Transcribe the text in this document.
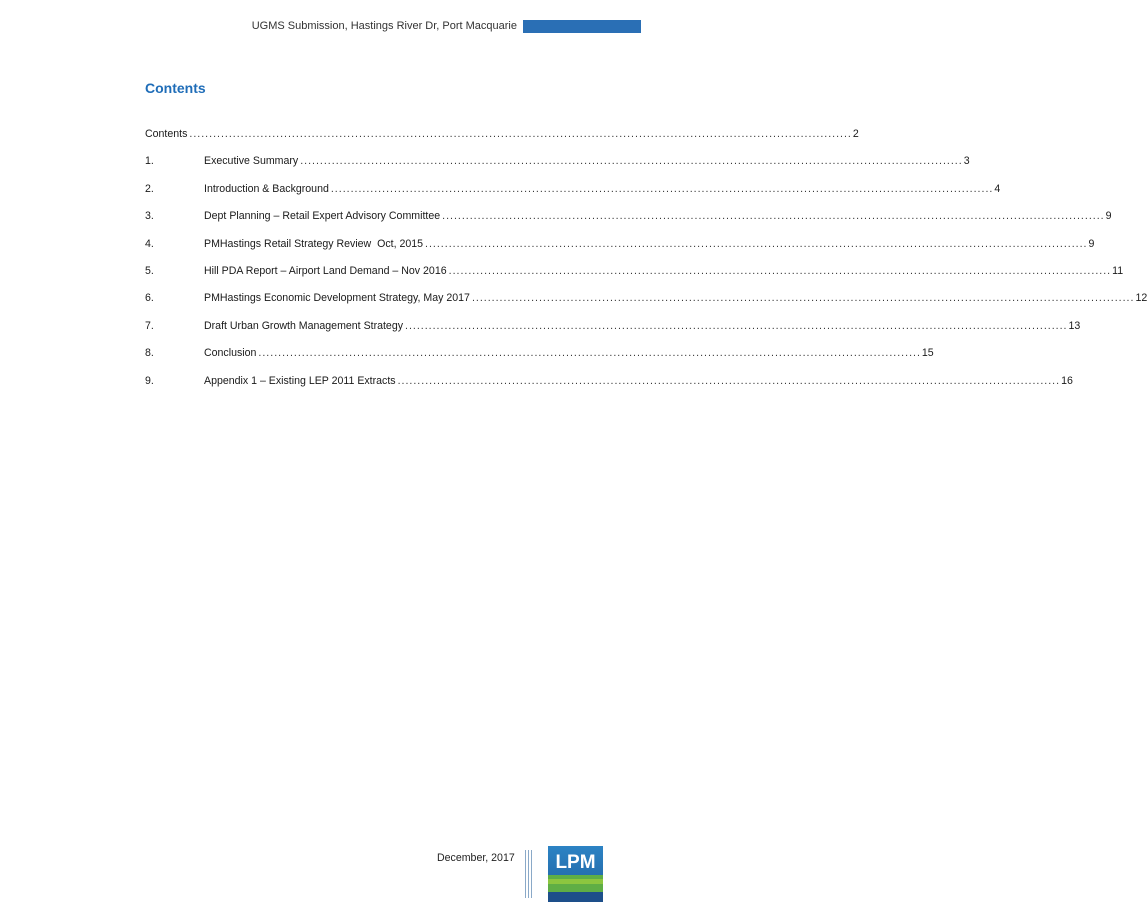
UGMS Submission, Hastings River Dr, Port Macquarie	2
Contents
Contents ........................................................................................................................................................................ 2
1.	Executive Summary ........................................................................................................................................................................ 3
2.	Introduction & Background ........................................................................................................................................................................ 4
3.	Dept Planning – Retail Expert Advisory Committee ........................................................................................................................................................................ 9
4.	PMHastings Retail Strategy Review  Oct, 2015 ........................................................................................................................................................................ 9
5.	Hill PDA Report – Airport Land Demand – Nov 2016 ........................................................................................................................................................................ 11
6.	PMHastings Economic Development Strategy, May 2017 ........................................................................................................................................................................ 12
7.	Draft Urban Growth Management Strategy ........................................................................................................................................................................ 13
8.	Conclusion ........................................................................................................................................................................ 15
9.	Appendix 1 – Existing LEP 2011 Extracts ........................................................................................................................................................................ 16
December, 2017 LPM
